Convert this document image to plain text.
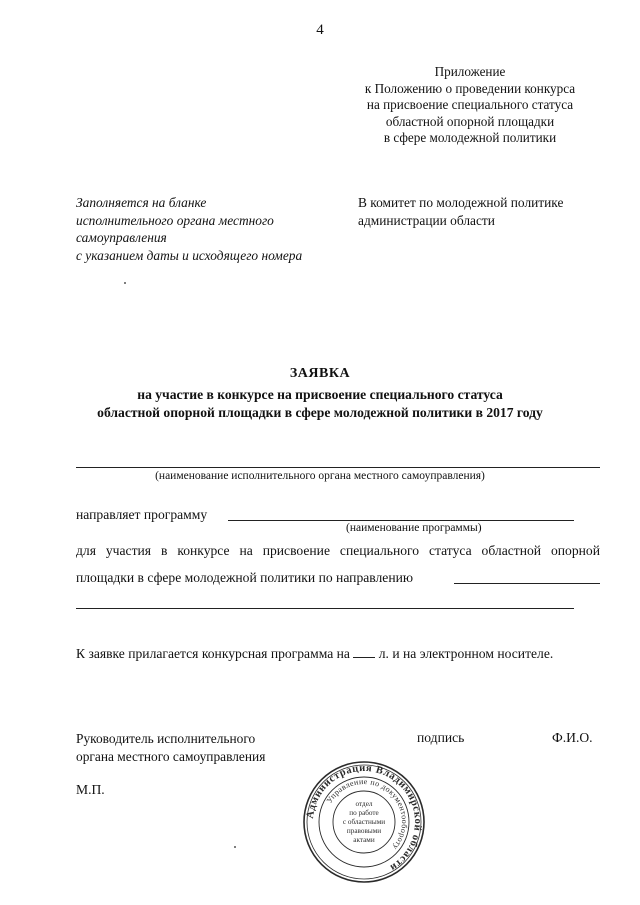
4
Приложение
к Положению о проведении конкурса
на присвоение специального статуса
областной опорной площадки
в сфере молодежной политики
Заполняется на бланке
исполнительного органа местного
самоуправления
с указанием даты и исходящего номера
В комитет по молодежной политике
администрации области
ЗАЯВКА
на участие в конкурсе на присвоение специального статуса
областной опорной площадки в сфере молодежной политики в 2017 году
(наименование исполнительного органа местного самоуправления)
направляет программу
(наименование программы)
для участия в конкурсе на присвоение специального статуса областной опорной
площадки в сфере молодежной политики по направлению
К заявке прилагается конкурсная программа на л. и на электронном носителе.
Руководитель исполнительного
органа местного самоуправления
подпись	Ф.И.О.
М.П.
Администрация Владимирской области
Управление по документообороту
отдел
по работе
с областными
правовыми
актами
